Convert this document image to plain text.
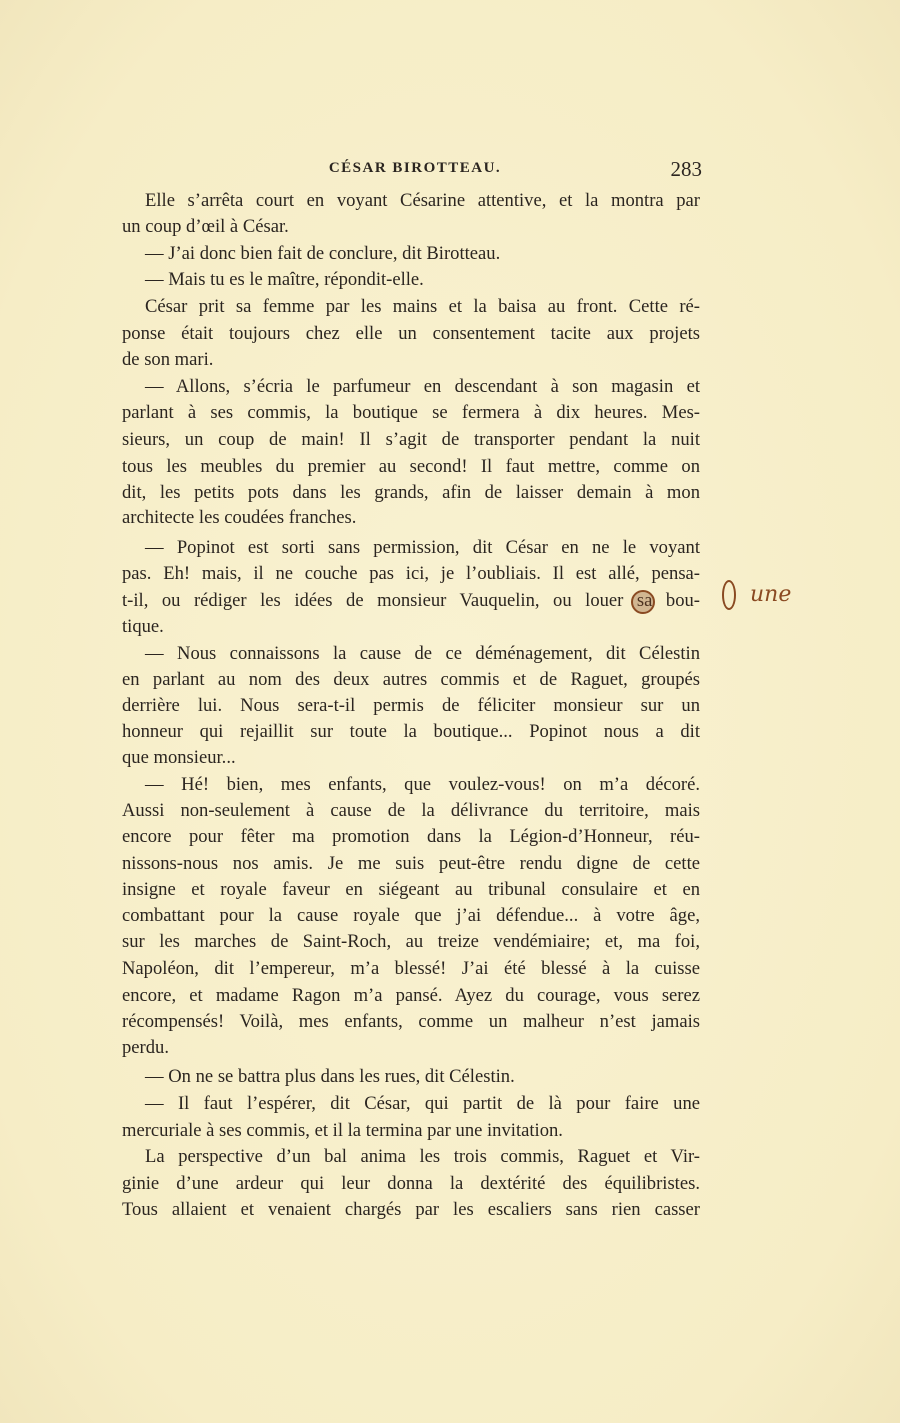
CÉSAR BIROTTEAU.	283
Elle s’arrêta court en voyant Césarine attentive, et la montra par
un coup d’œil à César.
— J’ai donc bien fait de conclure, dit Birotteau.
— Mais tu es le maître, répondit-elle.
César prit sa femme par les mains et la baisa au front. Cette ré-
ponse était toujours chez elle un consentement tacite aux projets
de son mari.
— Allons, s’écria le parfumeur en descendant à son magasin et
parlant à ses commis, la boutique se fermera à dix heures. Mes-
sieurs, un coup de main! Il s’agit de transporter pendant la nuit
tous les meubles du premier au second! Il faut mettre, comme on
dit, les petits pots dans les grands, afin de laisser demain à mon
architecte les coudées franches.
— Popinot est sorti sans permission, dit César en ne le voyant
pas. Eh! mais, il ne couche pas ici, je l’oubliais. Il est allé, pensa-
t-il, ou rédiger les idées de monsieur Vauquelin, ou louer sa bou-
tique.
— Nous connaissons la cause de ce déménagement, dit Célestin
en parlant au nom des deux autres commis et de Raguet, groupés
derrière lui. Nous sera-t-il permis de féliciter monsieur sur un
honneur qui rejaillit sur toute la boutique... Popinot nous a dit
que monsieur...
— Hé! bien, mes enfants, que voulez-vous! on m’a décoré.
Aussi non-seulement à cause de la délivrance du territoire, mais
encore pour fêter ma promotion dans la Légion-d’Honneur, réu-
nissons-nous nos amis. Je me suis peut-être rendu digne de cette
insigne et royale faveur en siégeant au tribunal consulaire et en
combattant pour la cause royale que j’ai défendue... à votre âge,
sur les marches de Saint-Roch, au treize vendémiaire; et, ma foi,
Napoléon, dit l’empereur, m’a blessé! J’ai été blessé à la cuisse
encore, et madame Ragon m’a pansé. Ayez du courage, vous serez
récompensés! Voilà, mes enfants, comme un malheur n’est jamais
perdu.
— On ne se battra plus dans les rues, dit Célestin.
— Il faut l’espérer, dit César, qui partit de là pour faire une
mercuriale à ses commis, et il la termina par une invitation.
La perspective d’un bal anima les trois commis, Raguet et Vir-
ginie d’une ardeur qui leur donna la dextérité des équilibristes.
Tous allaient et venaient chargés par les escaliers sans rien casser
une
